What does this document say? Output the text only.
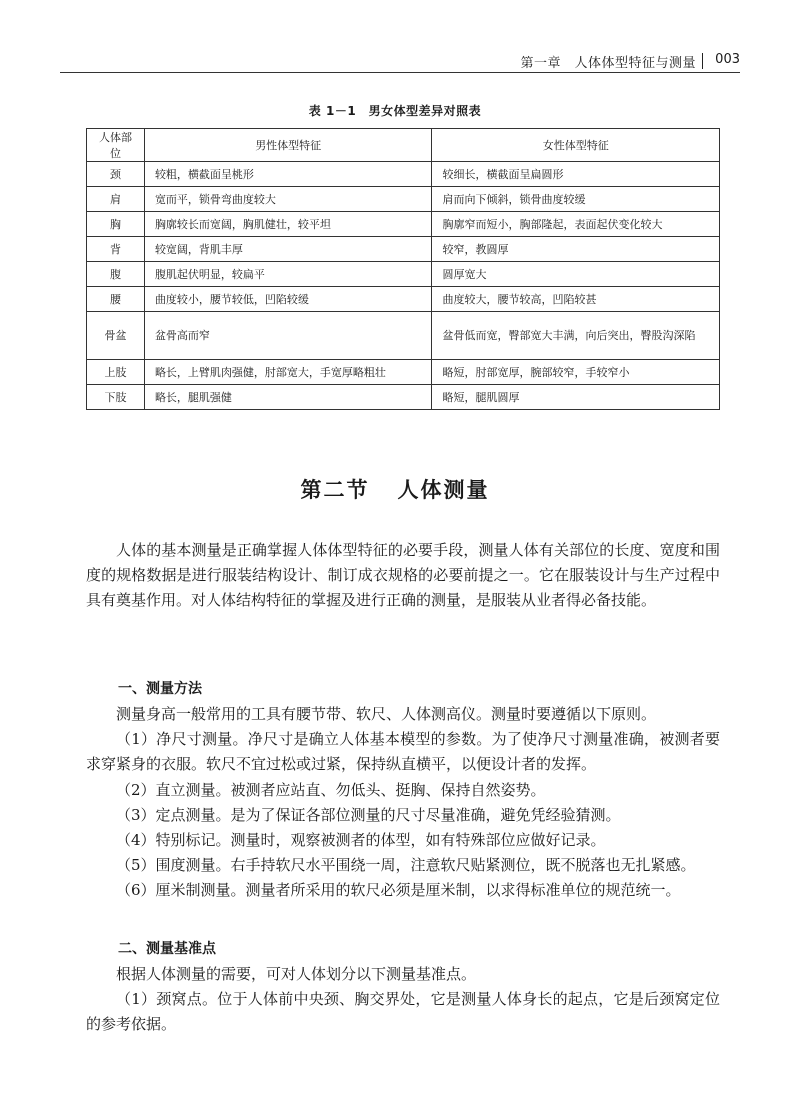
第一章　人体体型特征与测量 003
表 1－1　男女体型差异对照表
人体部位	男性体型特征	女性体型特征
颈	较粗，横截面呈桃形	较细长，横截面呈扁圆形
肩	宽而平，锁骨弯曲度较大	肩而向下倾斜，锁骨曲度较缓
胸	胸廓较长而宽阔，胸肌健壮，较平坦	胸廓窄而短小，胸部隆起，表面起伏变化较大
背	较宽阔，背肌丰厚	较窄，教圆厚
腹	腹肌起伏明显，较扁平	圆厚宽大
腰	曲度较小，腰节较低，凹陷较缓	曲度较大，腰节较高，凹陷较甚
骨盆	盆骨高而窄	盆骨低而宽，臀部宽大丰满，向后突出，臀股沟深陷
上肢	略长，上臂肌肉强健，肘部宽大，手宽厚略粗壮	略短，肘部宽厚，腕部较窄，手较窄小
下肢	略长，腿肌强健	略短，腿肌圆厚
第二节 人体测量

人体的基本测量是正确掌握人体体型特征的必要手段，测量人体有关部位的长度、宽度和围度的规格数据是进行服装结构设计、制订成衣规格的必要前提之一。它在服装设计与生产过程中具有奠基作用。对人体结构特征的掌握及进行正确的测量，是服装从业者得必备技能。

一、测量方法

测量身高一般常用的工具有腰节带、软尺、人体测高仪。测量时要遵循以下原则。

（1）净尺寸测量。净尺寸是确立人体基本模型的参数。为了使净尺寸测量准确，被测者要求穿紧身的衣服。软尺不宜过松或过紧，保持纵直横平，以便设计者的发挥。

（2）直立测量。被测者应站直、勿低头、挺胸、保持自然姿势。

（3）定点测量。是为了保证各部位测量的尺寸尽量准确，避免凭经验猜测。

（4）特别标记。测量时，观察被测者的体型，如有特殊部位应做好记录。

（5）围度测量。右手持软尺水平围绕一周，注意软尺贴紧测位，既不脱落也无扎紧感。

（6）厘米制测量。测量者所采用的软尺必须是厘米制，以求得标准单位的规范统一。

二、测量基准点

根据人体测量的需要，可对人体划分以下测量基准点。

（1）颈窝点。位于人体前中央颈、胸交界处，它是测量人体身长的起点，它是后颈窝定位的参考依据。
